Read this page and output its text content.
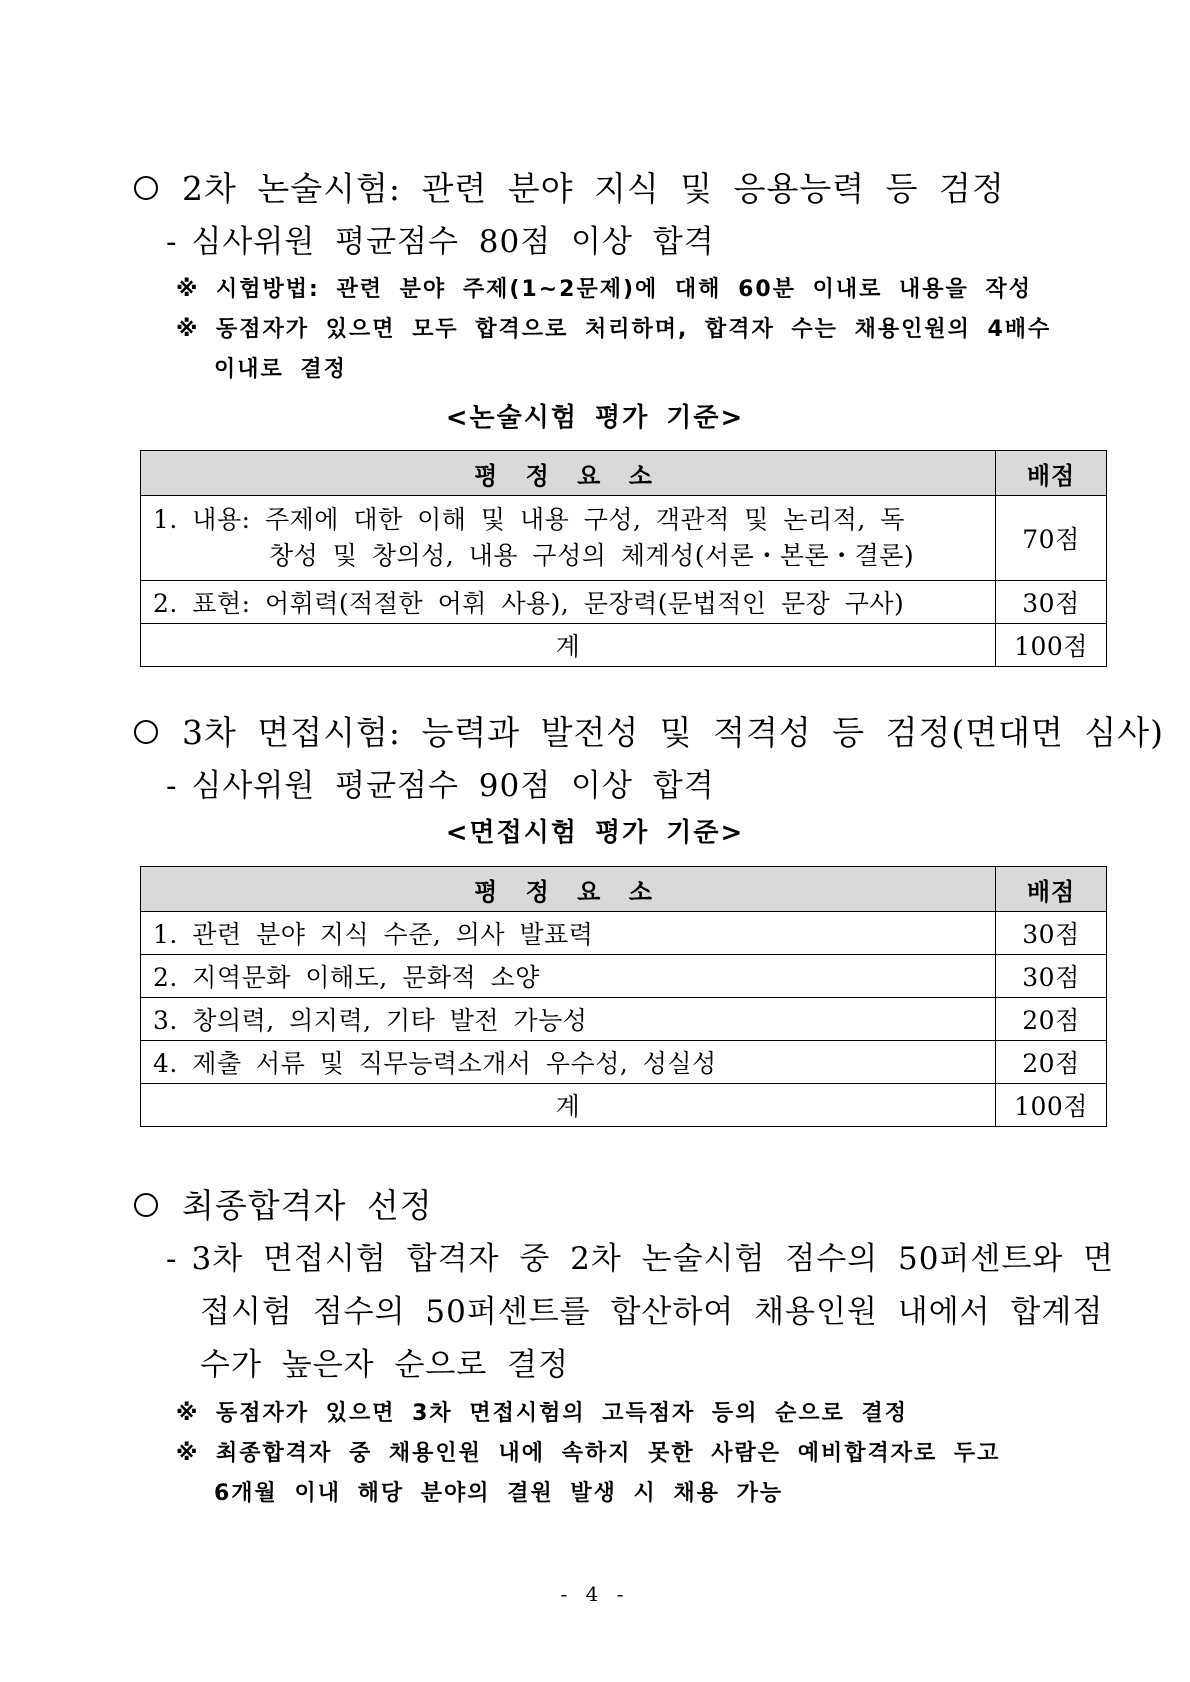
2차 논술시험: 관련 분야 지식 및 응용능력 등 검정
- 심사위원 평균점수 80점 이상 합격
※ 시험방법: 관련 분야 주제(1~2문제)에 대해 60분 이내로 내용을 작성
※ 동점자가 있으면 모두 합격으로 처리하며, 합격자 수는 채용인원의 4배수
이내로 결정
<논술시험 평가 기준>
평 정 요 소	배점

1. 내용: 주제에 대한 이해 및 내용 구성, 객관적 및 논리적, 독
창성 및 창의성, 내용 구성의 체계성(서론・본론・결론)	70점
2. 표현: 어휘력(적절한 어휘 사용), 문장력(문법적인 문장 구사)	30점
계	100점
3차 면접시험: 능력과 발전성 및 적격성 등 검정(면대면 심사)
- 심사위원 평균점수 90점 이상 합격
<면접시험 평가 기준>
평 정 요 소	배점
1. 관련 분야 지식 수준, 의사 발표력	30점
2. 지역문화 이해도, 문화적 소양	30점
3. 창의력, 의지력, 기타 발전 가능성	20점
4. 제출 서류 및 직무능력소개서 우수성, 성실성	20점
계	100점
최종합격자 선정
- 3차 면접시험 합격자 중 2차 논술시험 점수의 50퍼센트와 면
접시험 점수의 50퍼센트를 합산하여 채용인원 내에서 합계점
수가 높은자 순으로 결정
※ 동점자가 있으면 3차 면접시험의 고득점자 등의 순으로 결정
※ 최종합격자 중 채용인원 내에 속하지 못한 사람은 예비합격자로 두고
6개월 이내 해당 분야의 결원 발생 시 채용 가능
- 4 -
